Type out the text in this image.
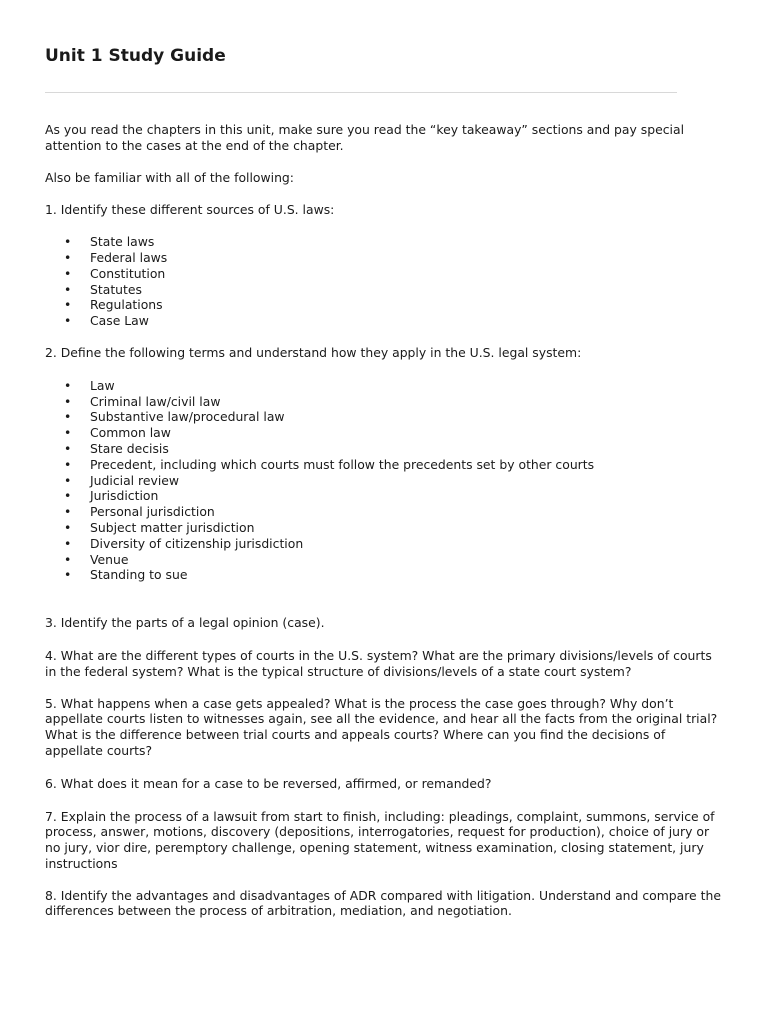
Unit 1 Study Guide

As you read the chapters in this unit, make sure you read the “key takeaway” sections and pay special attention to the cases at the end of the chapter.

Also be familiar with all of the following:

1. Identify these different sources of U.S. laws:

• State laws
• Federal laws
• Constitution
• Statutes
• Regulations
• Case Law

2. Define the following terms and understand how they apply in the U.S. legal system:

• Law
• Criminal law/civil law
• Substantive law/procedural law
• Common law
• Stare decisis
• Precedent, including which courts must follow the precedents set by other courts
• Judicial review
• Jurisdiction
• Personal jurisdiction
• Subject matter jurisdiction
• Diversity of citizenship jurisdiction
• Venue
• Standing to sue

3. Identify the parts of a legal opinion (case).

4. What are the different types of courts in the U.S. system? What are the primary divisions/levels of courts in the federal system? What is the typical structure of divisions/levels of a state court system?

5. What happens when a case gets appealed? What is the process the case goes through? Why don’t appellate courts listen to witnesses again, see all the evidence, and hear all the facts from the original trial? What is the difference between trial courts and appeals courts? Where can you find the decisions of appellate courts?

6. What does it mean for a case to be reversed, affirmed, or remanded?

7. Explain the process of a lawsuit from start to finish, including: pleadings, complaint, summons, service of process, answer, motions, discovery (depositions, interrogatories, request for production), choice of jury or no jury, vior dire, peremptory challenge, opening statement, witness examination, closing statement, jury instructions

8. Identify the advantages and disadvantages of ADR compared with litigation. Understand and compare the differences between the process of arbitration, mediation, and negotiation.
